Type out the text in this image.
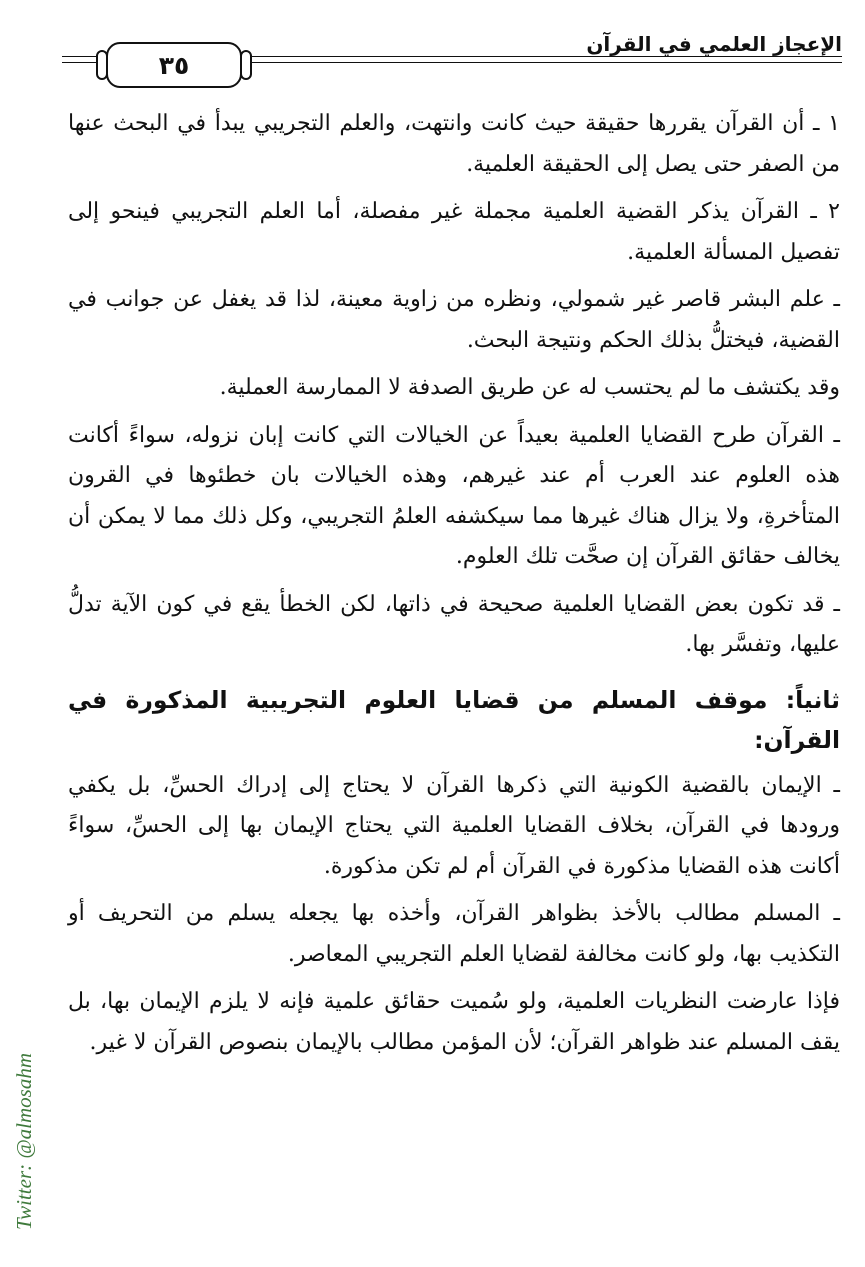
٣٥
الإعجاز العلمي في القرآن

١ ـ أن القرآن يقررها حقيقة حيث كانت وانتهت، والعلم التجريبي يبدأ في البحث عنها من الصفر حتى يصل إلى الحقيقة العلمية.

٢ ـ القرآن يذكر القضية العلمية مجملة غير مفصلة، أما العلم التجريبي فينحو إلى تفصيل المسألة العلمية.

ـ علم البشر قاصر غير شمولي، ونظره من زاوية معينة، لذا قد يغفل عن جوانب في القضية، فيختلُّ بذلك الحكم ونتيجة البحث.

وقد يكتشف ما لم يحتسب له عن طريق الصدفة لا الممارسة العملية.

ـ القرآن طرح القضايا العلمية بعيداً عن الخيالات التي كانت إبان نزوله، سواءً أكانت هذه العلوم عند العرب أم عند غيرهم، وهذه الخيالات بان خطئوها في القرون المتأخرةِ، ولا يزال هناك غيرها مما سيكشفه العلمُ التجريبي، وكل ذلك مما لا يمكن أن يخالف حقائق القرآن إن صحَّت تلك العلوم.

ـ قد تكون بعض القضايا العلمية صحيحة في ذاتها، لكن الخطأ يقع في كون الآية تدلُّ عليها، وتفسَّر بها.

ثانياً: موقف المسلم من قضايا العلوم التجريبية المذكورة في القرآن:

ـ الإيمان بالقضية الكونية التي ذكرها القرآن لا يحتاج إلى إدراك الحسِّ، بل يكفي ورودها في القرآن، بخلاف القضايا العلمية التي يحتاج الإيمان بها إلى الحسِّ، سواءً أكانت هذه القضايا مذكورة في القرآن أم لم تكن مذكورة.

ـ المسلم مطالب بالأخذ بظواهر القرآن، وأخذه بها يجعله يسلم من التحريف أو التكذيب بها، ولو كانت مخالفة لقضايا العلم التجريبي المعاصر.

فإذا عارضت النظريات العلمية، ولو سُميت حقائق علمية فإنه لا يلزم الإيمان بها، بل يقف المسلم عند ظواهر القرآن؛ لأن المؤمن مطالب بالإيمان بنصوص القرآن لا غير.

Twitter: @almosahm
